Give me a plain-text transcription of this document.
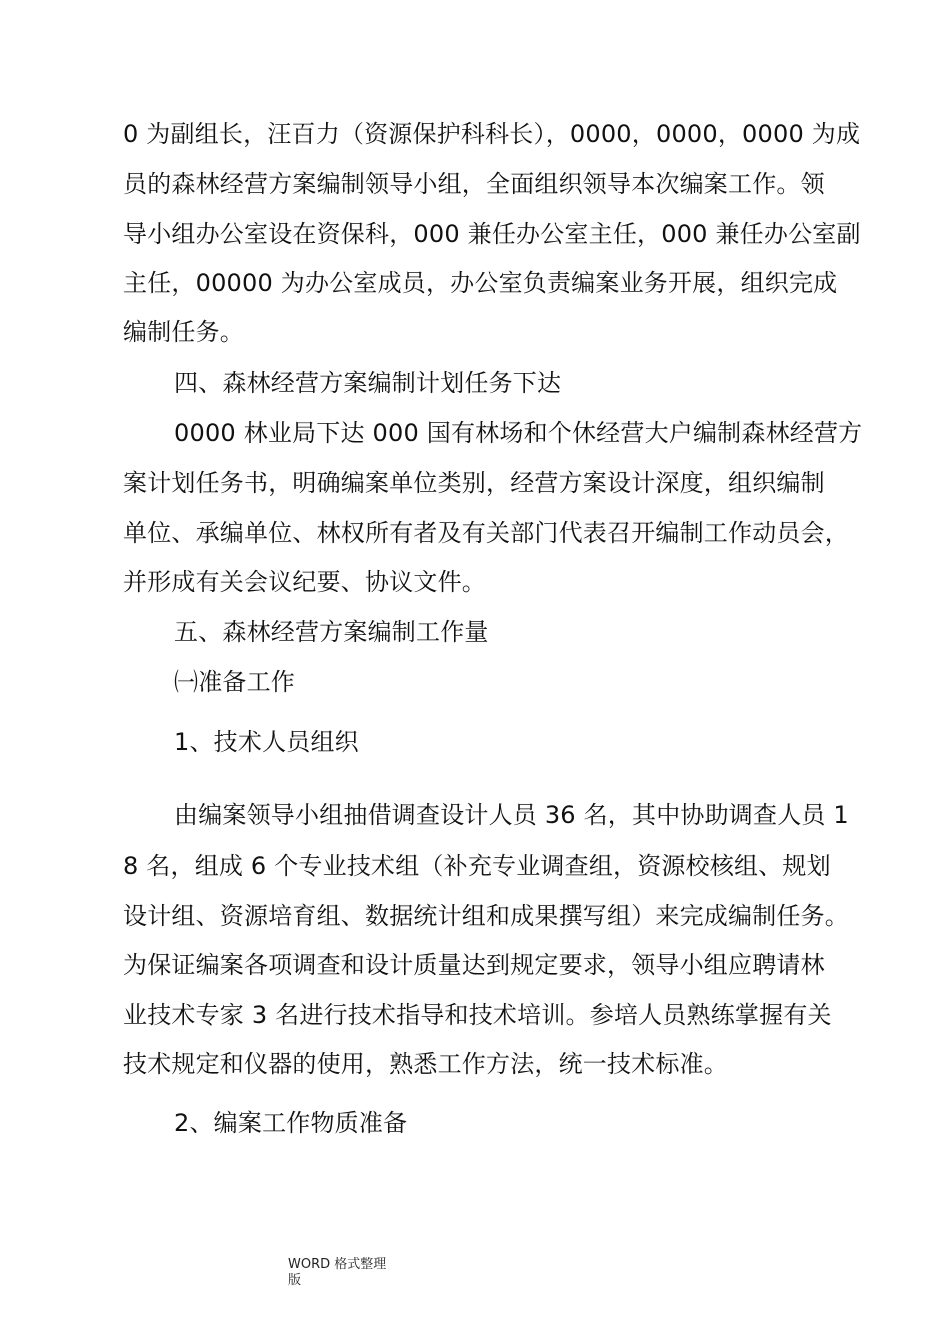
0 为副组长，汪百力（资源保护科科长），0000，0000，0000 为成
员的森林经营方案编制领导小组，全面组织领导本次编案工作。领
导小组办公室设在资保科，000 兼任办公室主任，000 兼任办公室副
主任，00000 为办公室成员，办公室负责编案业务开展，组织完成
编制任务。
四、森林经营方案编制计划任务下达
0000 林业局下达 000 国有林场和个休经营大户编制森林经营方
案计划任务书，明确编案单位类别，经营方案设计深度，组织编制
单位、承编单位、林权所有者及有关部门代表召开编制工作动员会，
并形成有关会议纪要、协议文件。
五、森林经营方案编制工作量
㈠准备工作
1、技术人员组织
由编案领导小组抽借调查设计人员 36 名，其中协助调查人员 1
8 名，组成 6 个专业技术组（补充专业调查组，资源校核组、规划
设计组、资源培育组、数据统计组和成果撰写组）来完成编制任务。
为保证编案各项调查和设计质量达到规定要求，领导小组应聘请林
业技术专家 3 名进行技术指导和技术培训。参培人员熟练掌握有关
技术规定和仪器的使用，熟悉工作方法，统一技术标准。
2、编案工作物质准备
WORD 格式整理
版
